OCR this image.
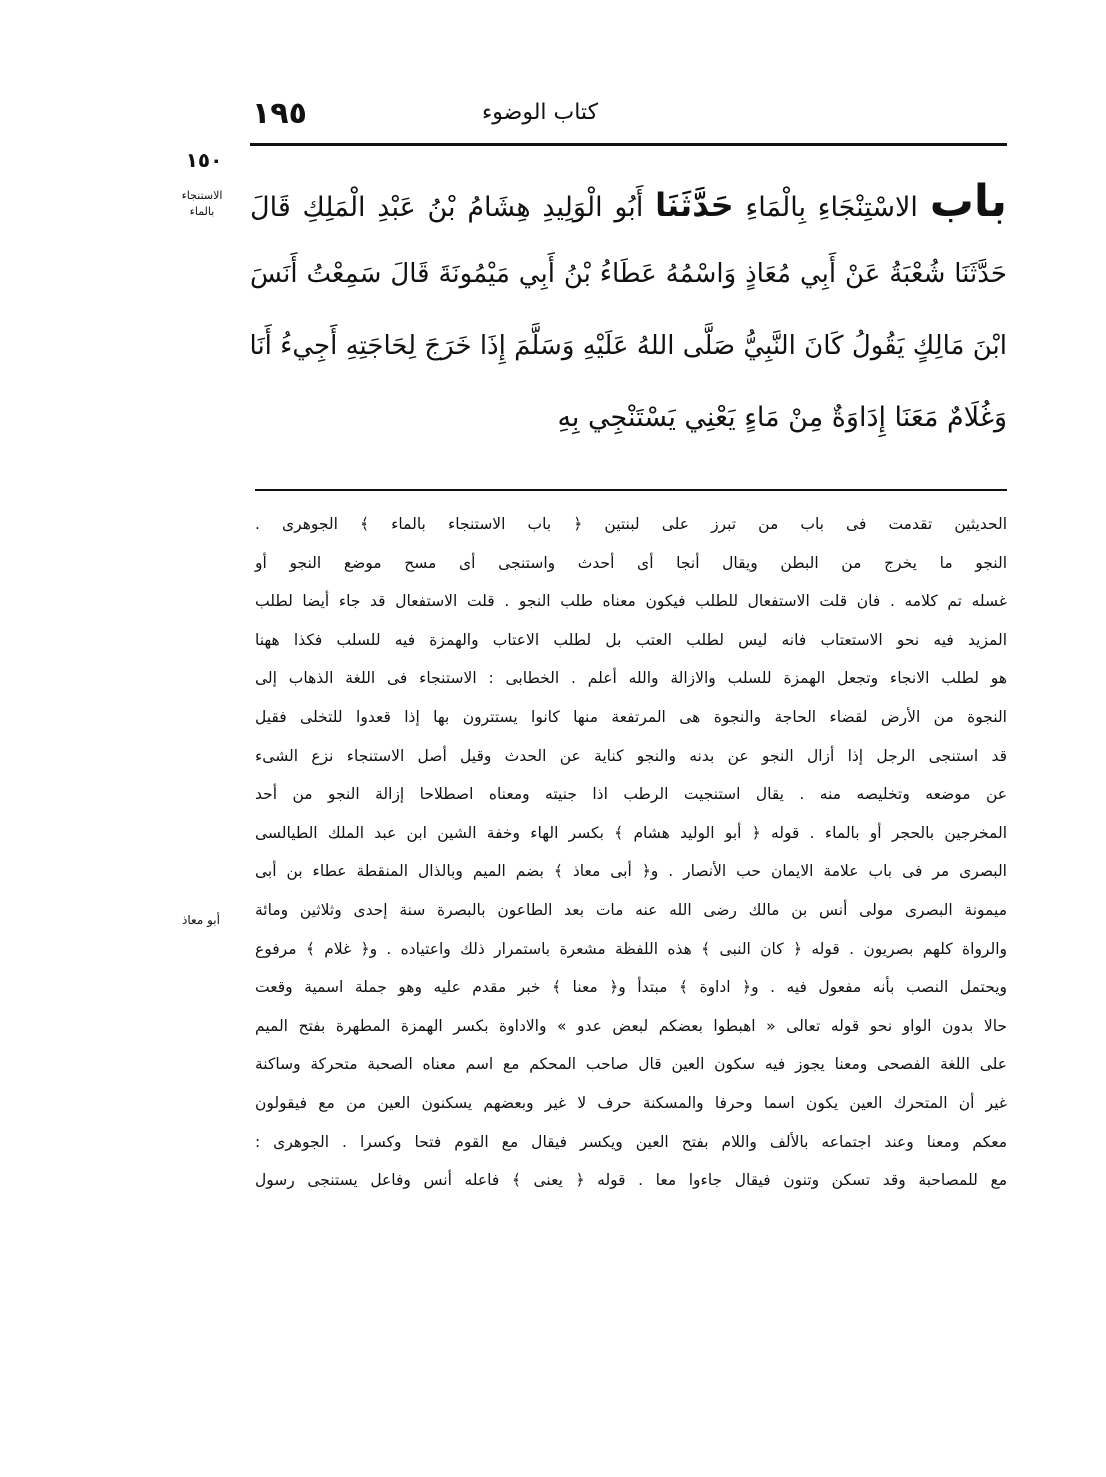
١٩٥	كتاب الوضوء
١٥٠
الاستنجاء بالماء	باب الاسْتِنْجَاءِ بِالْمَاءِ حَدَّثَنَا أَبُو الْوَلِيدِ هِشَامُ بْنُ عَبْدِ الْمَلِكِ قَالَ
حَدَّثَنَا شُعْبَةُ عَنْ أَبِي مُعَاذٍ وَاسْمُهُ عَطَاءُ بْنُ أَبِي مَيْمُونَةَ قَالَ سَمِعْتُ أَنَسَ
ابْنَ مَالِكٍ يَقُولُ كَانَ النَّبِيُّ صَلَّى اللهُ عَلَيْهِ وَسَلَّمَ إِذَا خَرَجَ لِحَاجَتِهِ أَجِيءُ أَنَا
وَغُلَامٌ مَعَنَا إِدَاوَةٌ مِنْ مَاءٍ يَعْنِي يَسْتَنْجِي بِهِ
أبو معاذ
الحديثين تقدمت فى باب من تبرز على لبنتين ﴿ باب الاستنجاء بالماء ﴾ الجوهرى .
النجو ما يخرج من البطن ويقال أنجا أى أحدث واستنجى أى مسح موضع النجو أو
غسله تم كلامه . فان قلت الاستفعال للطلب فيكون معناه طلب النجو . قلت الاستفعال قد جاء أيضا لطلب
المزيد فيه نحو الاستعتاب فانه ليس لطلب العتب بل لطلب الاعتاب والهمزة فيه للسلب فكذا ههنا
هو لطلب الانجاء وتجعل الهمزة للسلب والازالة والله أعلم . الخطابى : الاستنجاء فى اللغة الذهاب إلى
النجوة من الأرض لقضاء الحاجة والنجوة هى المرتفعة منها كانوا يستترون بها إذا قعدوا للتخلى فقيل
قد استنجى الرجل إذا أزال النجو عن بدنه والنجو كناية عن الحدث وقيل أصل الاستنجاء نزع الشىء
عن موضعه وتخليصه منه . يقال استنجيت الرطب اذا جنيته ومعناه اصطلاحا إزالة النجو من أحد
المخرجين بالحجر أو بالماء . قوله ﴿ أبو الوليد هشام ﴾ بكسر الهاء وخفة الشين ابن عبد الملك الطيالسى
البصرى مر فى باب علامة الايمان حب الأنصار . و﴿ أبى معاذ ﴾ بضم الميم وبالذال المنقطة عطاء بن أبى
ميمونة البصرى مولى أنس بن مالك رضى الله عنه مات بعد الطاعون بالبصرة سنة إحدى وثلاثين ومائة
والرواة كلهم بصريون . قوله ﴿ كان النبى ﴾ هذه اللفظة مشعرة باستمرار ذلك واعتياده . و﴿ غلام ﴾ مرفوع
ويحتمل النصب بأنه مفعول فيه . و﴿ اداوة ﴾ مبتدأ و﴿ معنا ﴾ خبر مقدم عليه وهو جملة اسمية وقعت
حالا بدون الواو نحو قوله تعالى « اهبطوا بعضكم لبعض عدو » والاداوة بكسر الهمزة المطهرة بفتح الميم
على اللغة الفصحى ومعنا يجوز فيه سكون العين قال صاحب المحكم مع اسم معناه الصحبة متحركة وساكنة
غير أن المتحرك العين يكون اسما وحرفا والمسكنة حرف لا غير وبعضهم يسكنون العين من مع فيقولون
معكم ومعنا وعند اجتماعه بالألف واللام بفتح العين ويكسر فيقال مع القوم فتحا وكسرا . الجوهرى :
مع للمصاحبة وقد تسكن وتنون فيقال جاءوا معا . قوله ﴿ يعنى ﴾ فاعله أنس وفاعل يستنجى رسول
